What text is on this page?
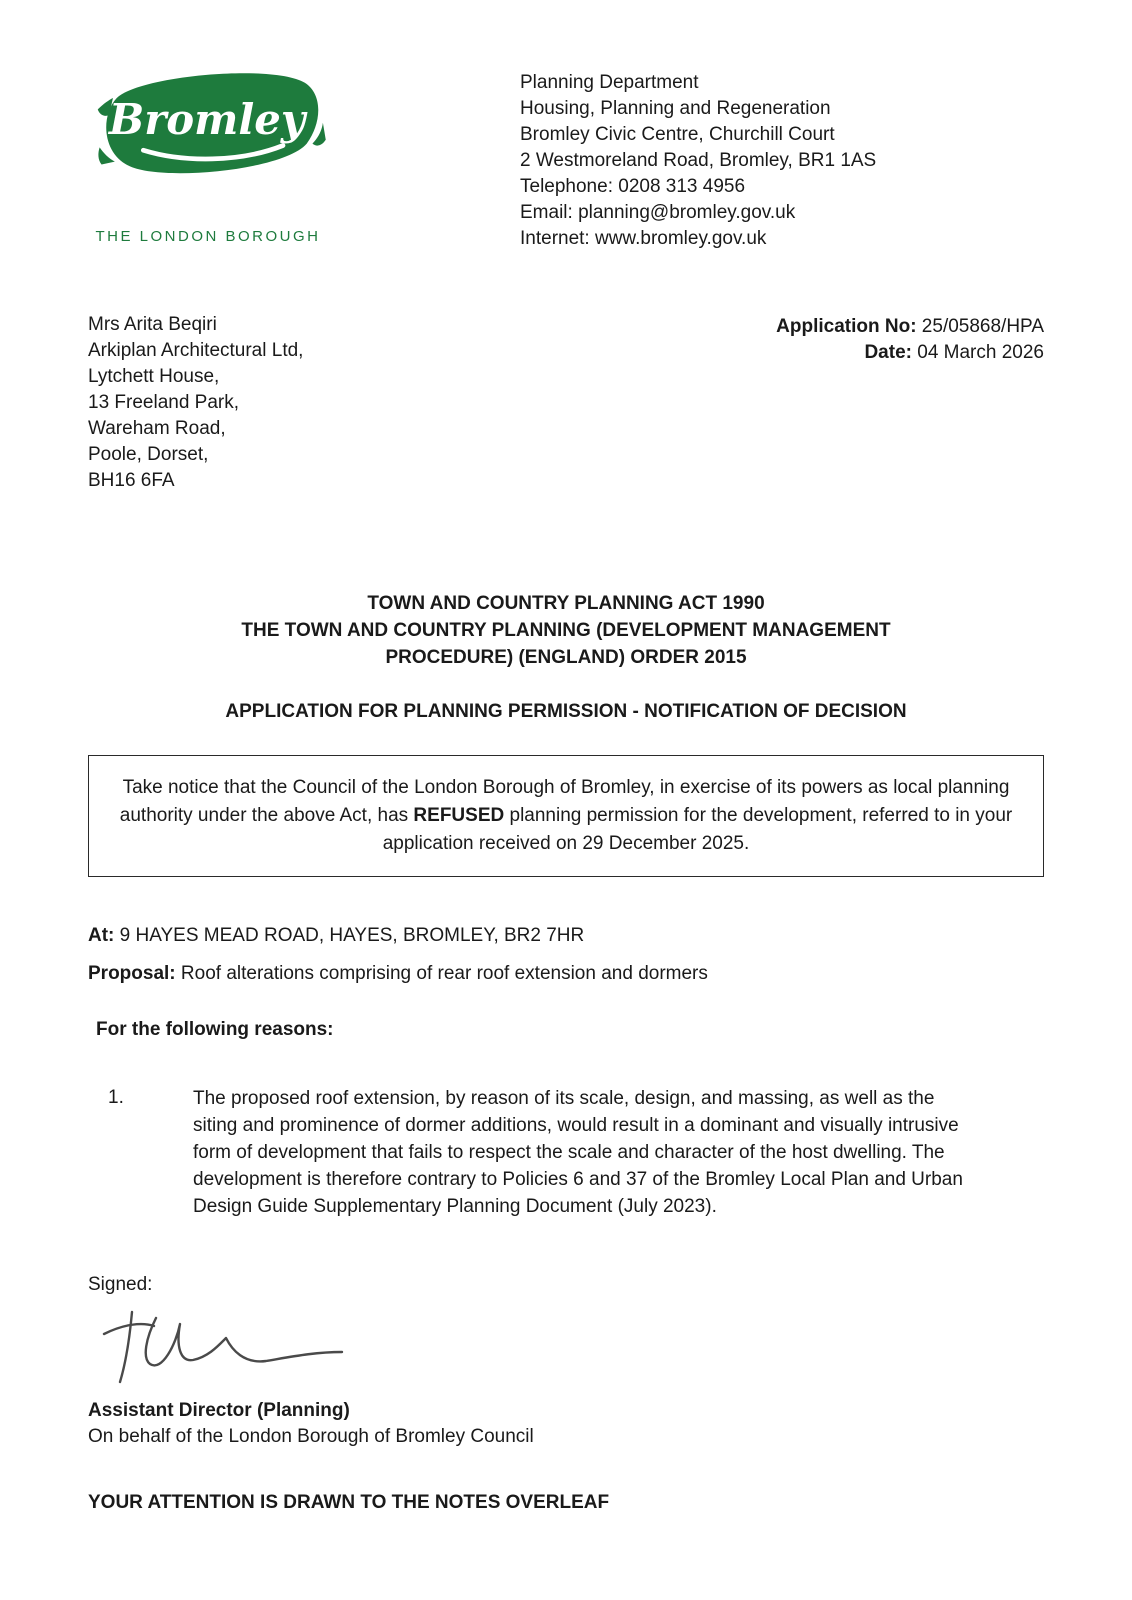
Bromley
THE LONDON BOROUGH
Planning Department
Housing, Planning and Regeneration
Bromley Civic Centre, Churchill Court
2 Westmoreland Road, Bromley, BR1 1AS
Telephone: 0208 313 4956
Email: planning@bromley.gov.uk
Internet: www.bromley.gov.uk
Mrs Arita Beqiri
Arkiplan Architectural Ltd,
Lytchett House,
13 Freeland Park,
Wareham Road,
Poole, Dorset,
BH16 6FA
Application No: 25/05868/HPA
Date: 04 March 2026
TOWN AND COUNTRY PLANNING ACT 1990
THE TOWN AND COUNTRY PLANNING (DEVELOPMENT MANAGEMENT
PROCEDURE) (ENGLAND) ORDER 2015
APPLICATION FOR PLANNING PERMISSION - NOTIFICATION OF DECISION
Take notice that the Council of the London Borough of Bromley, in exercise of its powers as local planning authority under the above Act, has REFUSED planning permission for the development, referred to in your application received on 29 December 2025.
At: 9 HAYES MEAD ROAD, HAYES, BROMLEY, BR2 7HR
Proposal: Roof alterations comprising of rear roof extension and dormers
For the following reasons:
1.	The proposed roof extension, by reason of its scale, design, and massing, as well as the siting and prominence of dormer additions, would result in a dominant and visually intrusive form of development that fails to respect the scale and character of the host dwelling. The development is therefore contrary to Policies 6 and 37 of the Bromley Local Plan and Urban Design Guide Supplementary Planning Document (July 2023).
Signed:
Assistant Director (Planning)
On behalf of the London Borough of Bromley Council
YOUR ATTENTION IS DRAWN TO THE NOTES OVERLEAF
